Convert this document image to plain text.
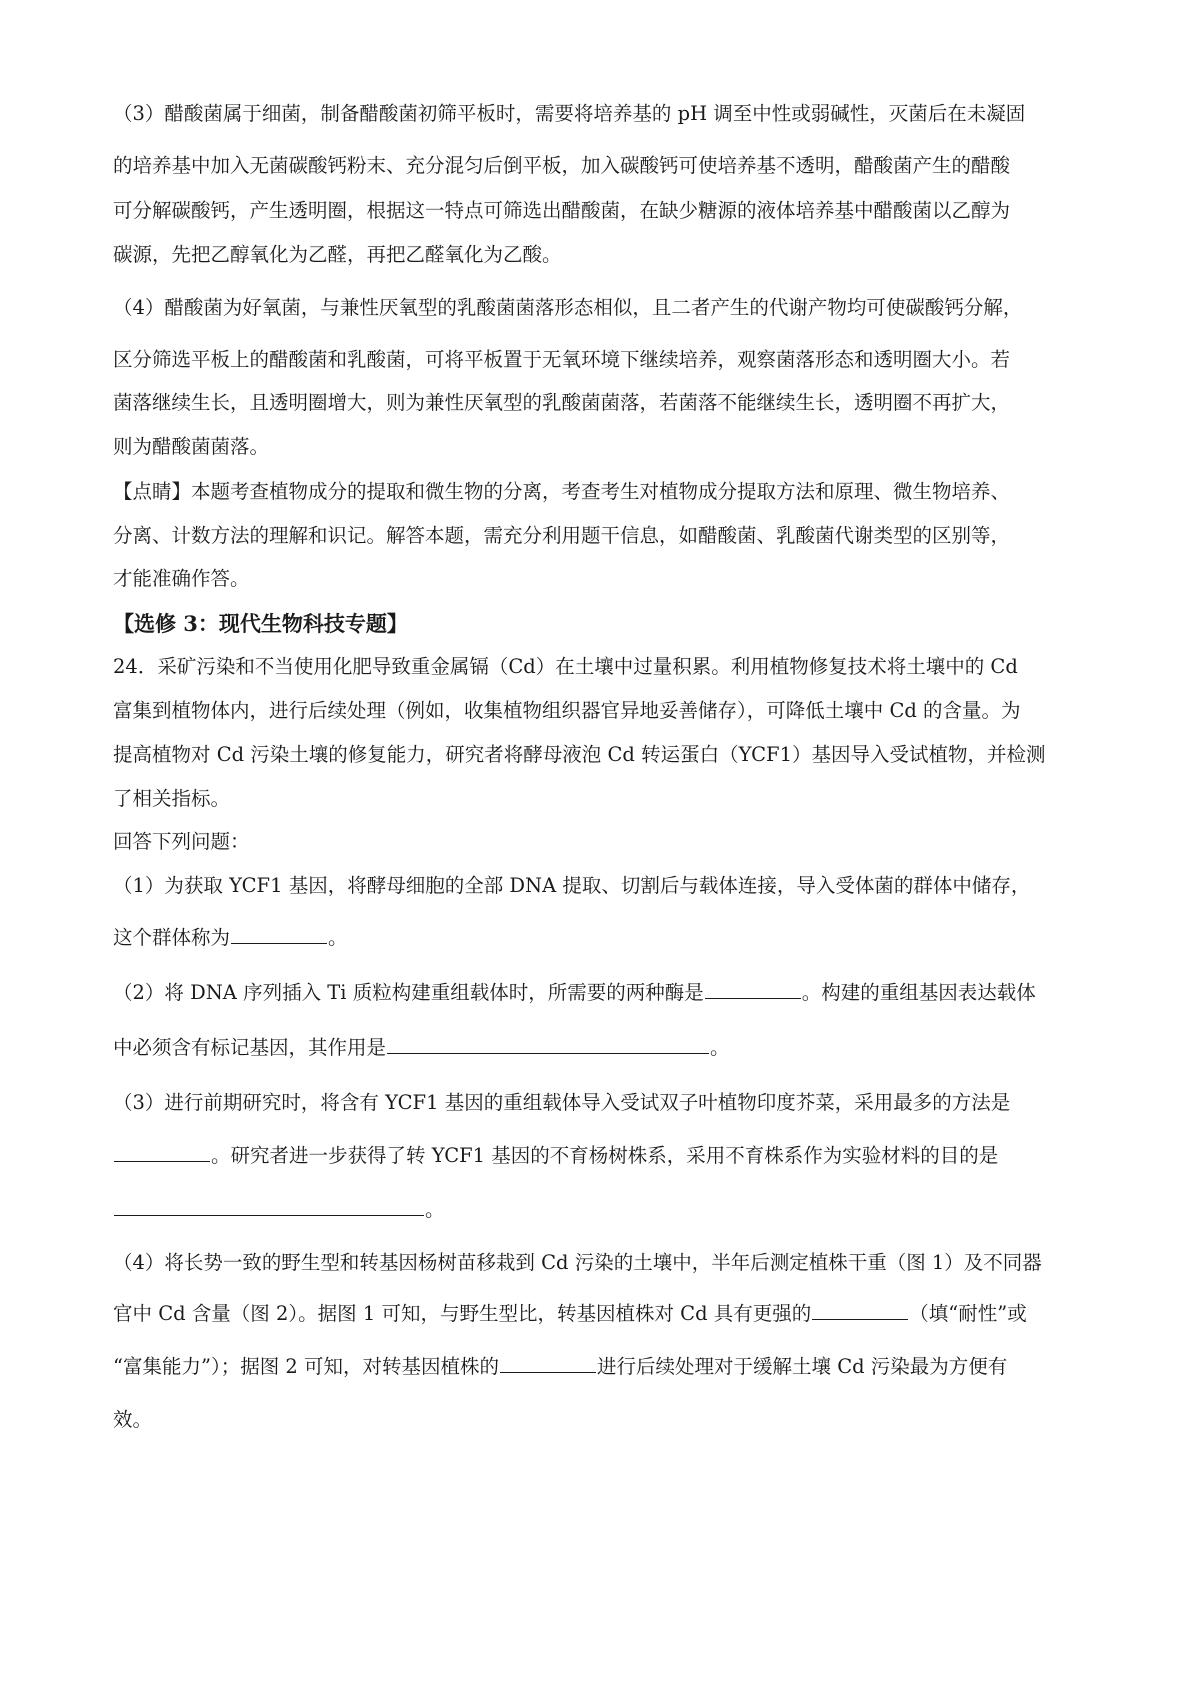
（3）醋酸菌属于细菌，制备醋酸菌初筛平板时，需要将培养基的 pH 调至中性或弱碱性，灭菌后在未凝固
的培养基中加入无菌碳酸钙粉末、充分混匀后倒平板，加入碳酸钙可使培养基不透明，醋酸菌产生的醋酸
可分解碳酸钙，产生透明圈，根据这一特点可筛选出醋酸菌，在缺少糖源的液体培养基中醋酸菌以乙醇为
碳源，先把乙醇氧化为乙醛，再把乙醛氧化为乙酸。
（4）醋酸菌为好氧菌，与兼性厌氧型的乳酸菌菌落形态相似，且二者产生的代谢产物均可使碳酸钙分解，
区分筛选平板上的醋酸菌和乳酸菌，可将平板置于无氧环境下继续培养，观察菌落形态和透明圈大小。若
菌落继续生长，且透明圈增大，则为兼性厌氧型的乳酸菌菌落，若菌落不能继续生长，透明圈不再扩大，
则为醋酸菌菌落。
【点睛】本题考查植物成分的提取和微生物的分离，考查考生对植物成分提取方法和原理、微生物培养、
分离、计数方法的理解和识记。解答本题，需充分利用题干信息，如醋酸菌、乳酸菌代谢类型的区别等，
才能准确作答。
【选修 3：现代生物科技专题】
24．采矿污染和不当使用化肥导致重金属镉（Cd）在土壤中过量积累。利用植物修复技术将土壤中的 Cd
富集到植物体内，进行后续处理（例如，收集植物组织器官异地妥善储存），可降低土壤中 Cd 的含量。为
提高植物对 Cd 污染土壤的修复能力，研究者将酵母液泡 Cd 转运蛋白（YCF1）基因导入受试植物，并检测
了相关指标。
回答下列问题：
（1）为获取 YCF1 基因，将酵母细胞的全部 DNA 提取、切割后与载体连接，导入受体菌的群体中储存，
这个群体称为	。
（2）将 DNA 序列插入 Ti 质粒构建重组载体时，所需要的两种酶是	。构建的重组基因表达载体
中必须含有标记基因，其作用是	。
（3）进行前期研究时，将含有 YCF1 基因的重组载体导入受试双子叶植物印度芥菜，采用最多的方法是
。研究者进一步获得了转 YCF1 基因的不育杨树株系，采用不育株系作为实验材料的目的是
。
（4）将长势一致的野生型和转基因杨树苗移栽到 Cd 污染的土壤中，半年后测定植株干重（图 1）及不同器
官中 Cd 含量（图 2）。据图 1 可知，与野生型比，转基因植株对 Cd 具有更强的	（填“耐性”或
“富集能力”）；据图 2 可知，对转基因植株的	进行后续处理对于缓解土壤 Cd 污染最为方便有
效。
